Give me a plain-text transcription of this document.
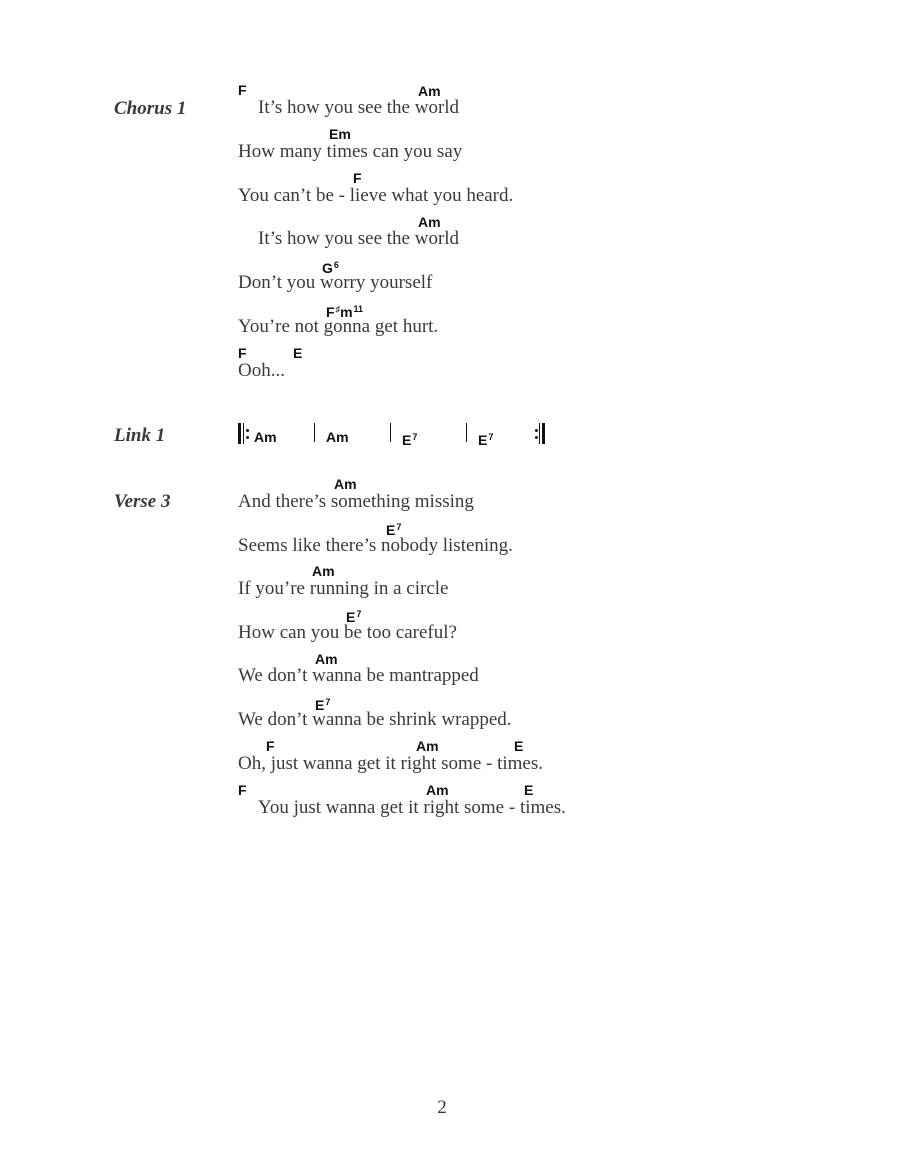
Chorus 1
F	Am
It’s how you see the world
Em
How many times can you say
F
You can’t be - lieve what you heard.
Am
It’s how you see the world
$G^6$
Don’t you worry yourself
$F^♯m^{11}$
You’re not gonna get hurt.
F	E
Ooh...
Link 1	Am	Am	$E^7$	$E^7$
Verse 3
Am
And there’s something missing
$E^7$
Seems like there’s nobody listening.
Am
If you’re running in a circle
$E^7$
How can you be too careful?
Am
We don’t wanna be mantrapped
$E^7$
We don’t wanna be shrink wrapped.
F	Am	E
Oh, just wanna get it right some - times.
F	Am	E
You just wanna get it right some - times.
2
